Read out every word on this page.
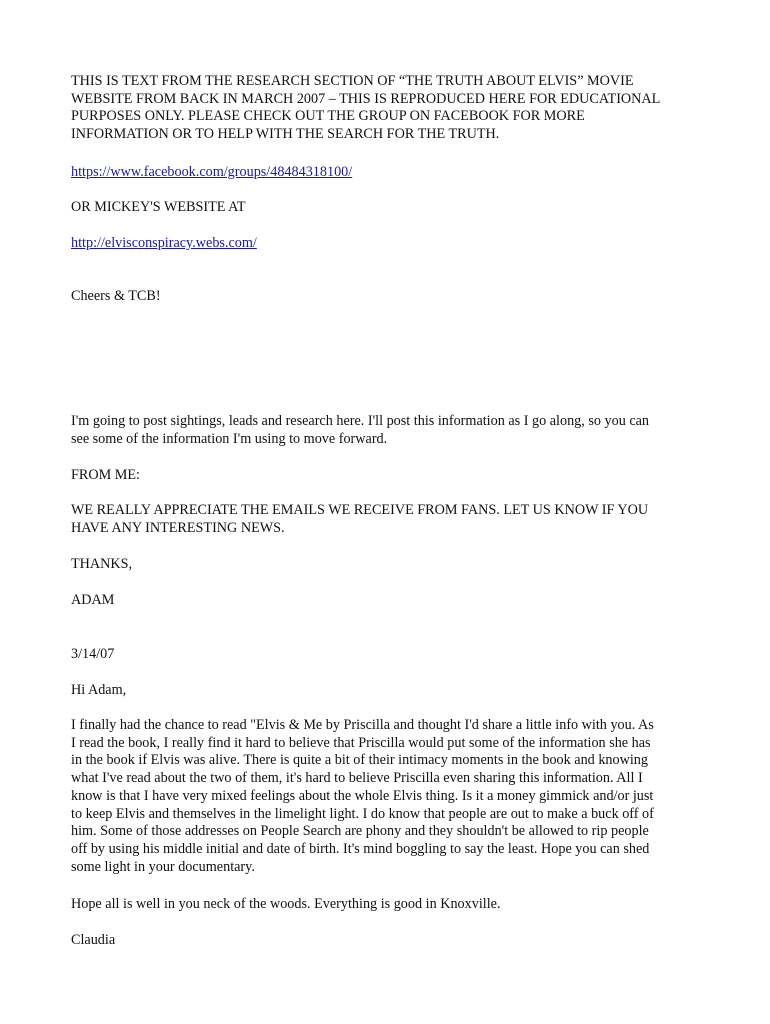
THIS IS TEXT FROM THE RESEARCH SECTION OF “THE TRUTH ABOUT ELVIS” MOVIE
WEBSITE FROM BACK IN MARCH 2007 – THIS IS REPRODUCED HERE FOR EDUCATIONAL
PURPOSES ONLY. PLEASE CHECK OUT THE GROUP ON FACEBOOK FOR MORE
INFORMATION OR TO HELP WITH THE SEARCH FOR THE TRUTH.

https://www.facebook.com/groups/48484318100/

OR MICKEY'S WEBSITE AT

http://elvisconspiracy.webs.com/

Cheers & TCB!

I'm going to post sightings, leads and research here. I'll post this information as I go along, so you can
see some of the information I'm using to move forward.

FROM ME:

WE REALLY APPRECIATE THE EMAILS WE RECEIVE FROM FANS. LET US KNOW IF YOU
HAVE ANY INTERESTING NEWS.

THANKS,

ADAM

3/14/07

Hi Adam,

I finally had the chance to read "Elvis & Me by Priscilla and thought I'd share a little info with you. As
I read the book, I really find it hard to believe that Priscilla would put some of the information she has
in the book if Elvis was alive. There is quite a bit of their intimacy moments in the book and knowing
what I've read about the two of them, it's hard to believe Priscilla even sharing this information. All I
know is that I have very mixed feelings about the whole Elvis thing. Is it a money gimmick and/or just
to keep Elvis and themselves in the limelight light. I do know that people are out to make a buck off of
him. Some of those addresses on People Search are phony and they shouldn't be allowed to rip people
off by using his middle initial and date of birth. It's mind boggling to say the least. Hope you can shed
some light in your documentary.

Hope all is well in you neck of the woods. Everything is good in Knoxville.

Claudia
